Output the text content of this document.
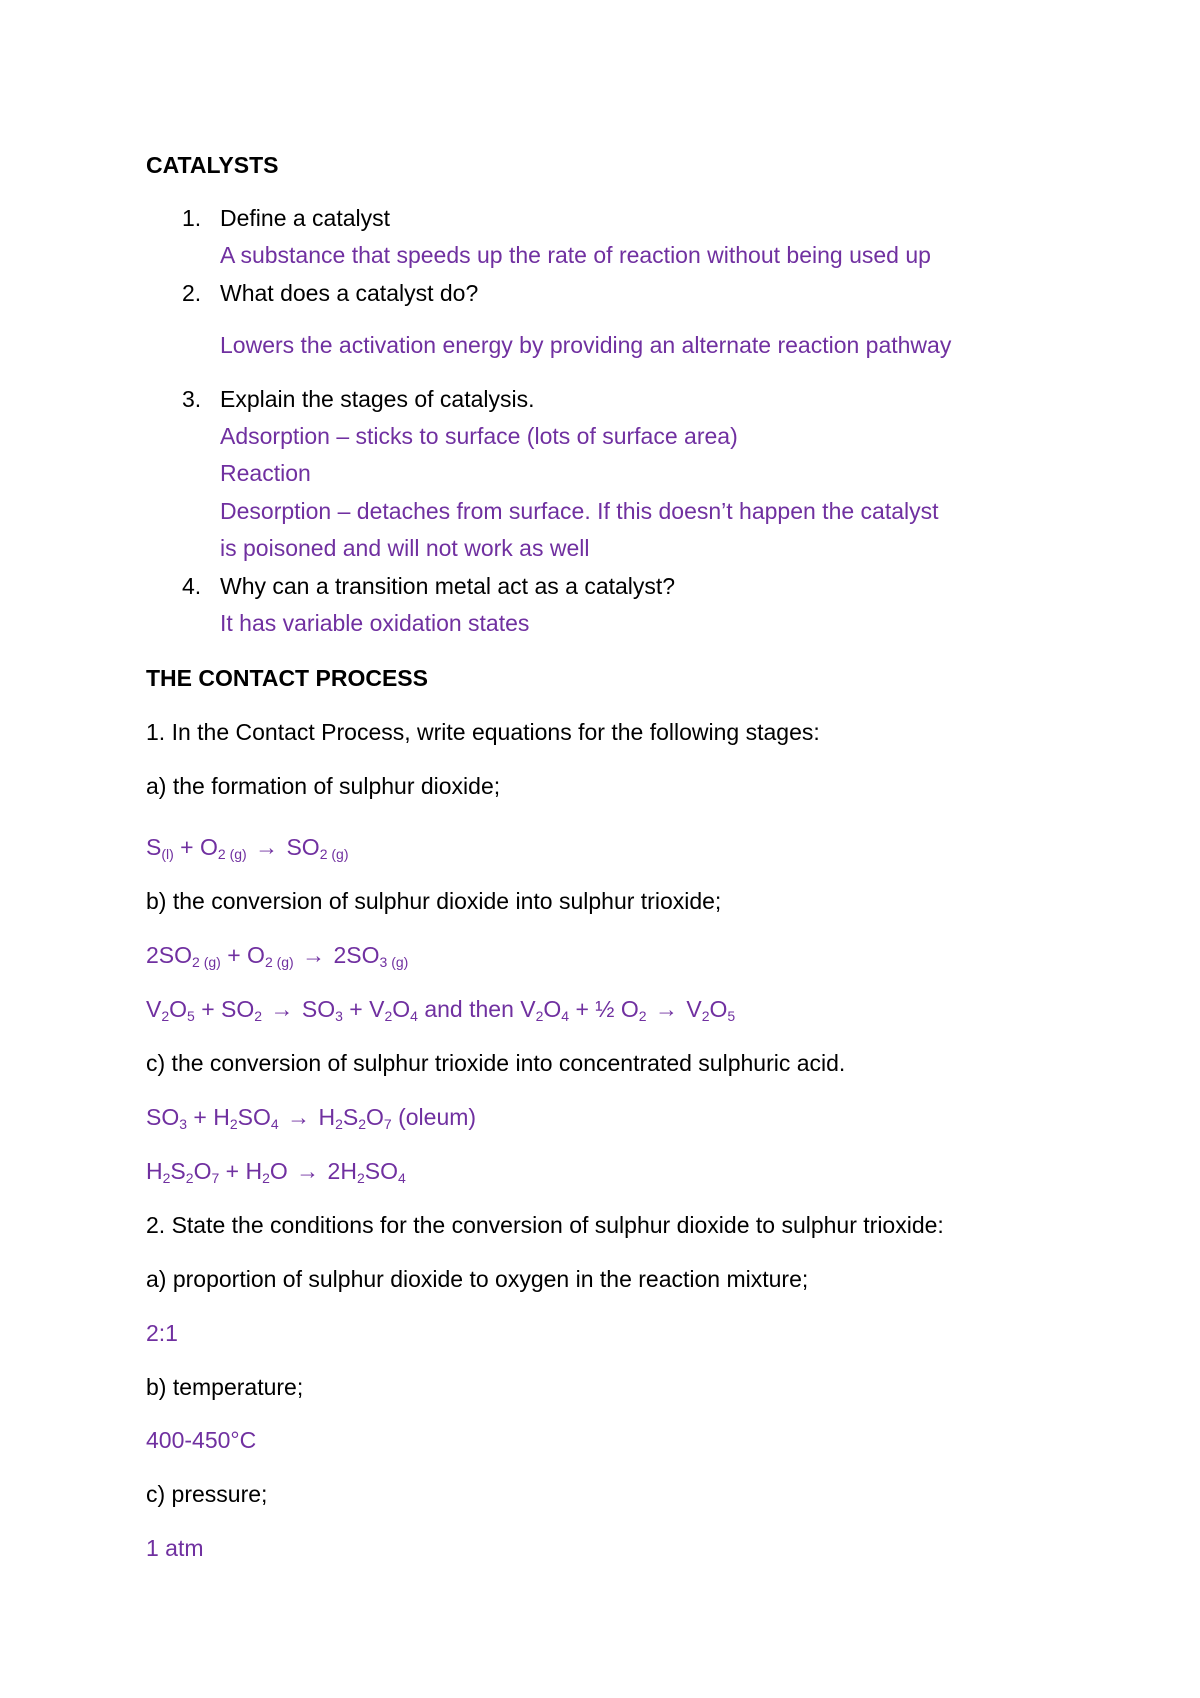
CATALYSTS
1. Define a catalyst
A substance that speeds up the rate of reaction without being used up
2. What does a catalyst do?
Lowers the activation energy by providing an alternate reaction pathway
3. Explain the stages of catalysis.
Adsorption – sticks to surface (lots of surface area)
Reaction
Desorption – detaches from surface. If this doesn’t happen the catalyst
is poisoned and will not work as well
4. Why can a transition metal act as a catalyst?
It has variable oxidation states
THE CONTACT PROCESS
1. In the Contact Process, write equations for the following stages:
a) the formation of sulphur dioxide;
$S_{(l)} + O_{2 (g)} \to SO_{2 (g)}$
b) the conversion of sulphur dioxide into sulphur trioxide;
$2SO_{2 (g)} + O_{2 (g)} \to 2SO_{3 (g)}$
$V_2O_5 + SO_2 \to SO_3 + V_2O_4$ and then $V_2O_4$ + ½ $O_2 \to V_2O_5$
c) the conversion of sulphur trioxide into concentrated sulphuric acid.
$SO_3 + H_2SO_4 \to H_2S_2O_7$ (oleum)
$H_2S_2O_7 + H_2O \to 2H_2SO_4$
2. State the conditions for the conversion of sulphur dioxide to sulphur trioxide:
a) proportion of sulphur dioxide to oxygen in the reaction mixture;
2:1
b) temperature;
400-450°C
c) pressure;
1 atm
